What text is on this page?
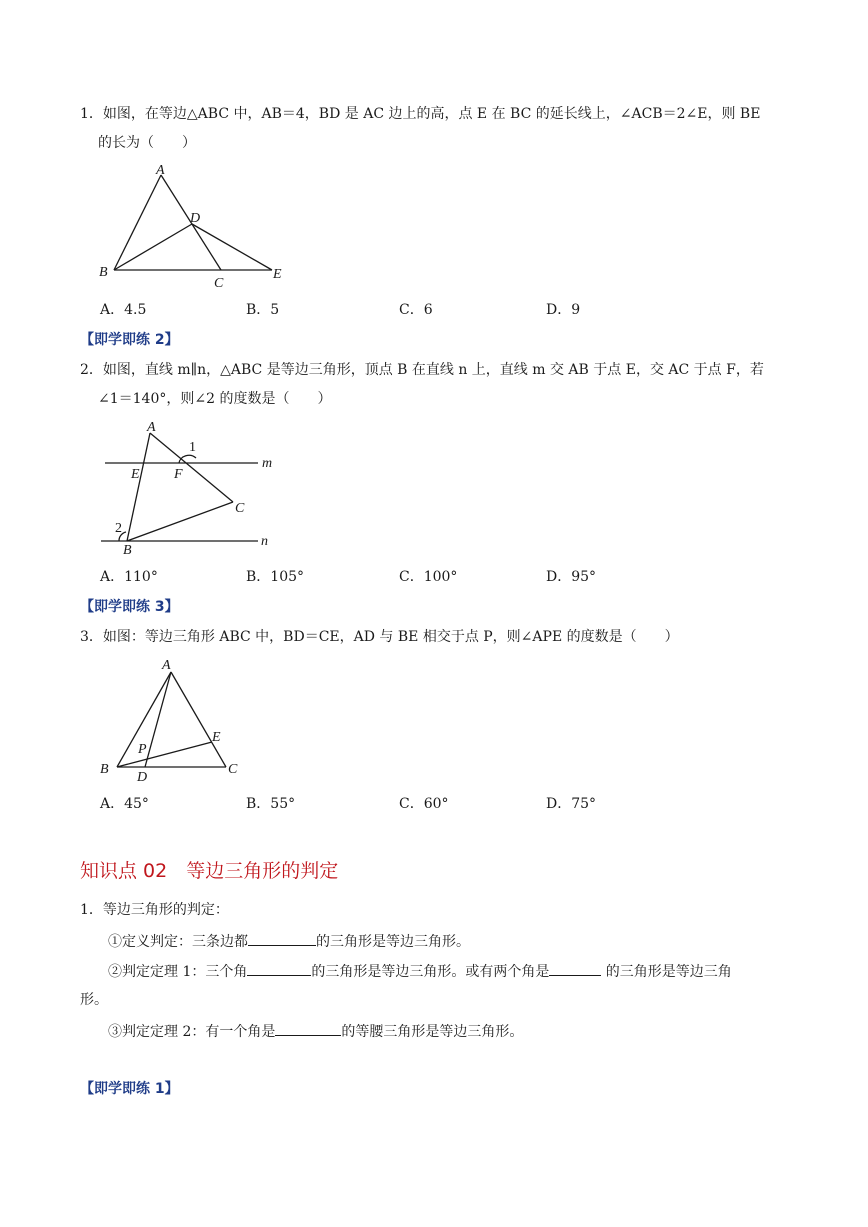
1．如图，在等边△ABC 中，AB＝4，BD 是 AC 边上的高，点 E 在 BC 的延长线上，∠ACB＝2∠E，则 BE
的长为（　　）
A
D
B
C
E
A．4.5	B．5	C．6	D．9
【即学即练 2】
2．如图，直线 m∥n，△ABC 是等边三角形，顶点 B 在直线 n 上，直线 m 交 AB 于点 E，交 AC 于点 F，若
∠1＝140°，则∠2 的度数是（　　）
A
1
E F
m
C
2
B
n
A．110°	B．105°	C．100°	D．95°
【即学即练 3】
3．如图：等边三角形 ABC 中，BD＝CE，AD 与 BE 相交于点 P，则∠APE 的度数是（　　）
A
E
P
B
D
C
A．45°	B．55°	C．60°	D．75°
知识点 02　等边三角形的判定
1．等边三角形的判定：
①定义判定：三条边都	的三角形是等边三角形。
②判定定理 1：三个角	的三角形是等边三角形。或有两个角是	的三角形是等边三角
形。
③判定定理 2：有一个角是	的等腰三角形是等边三角形。
【即学即练 1】
